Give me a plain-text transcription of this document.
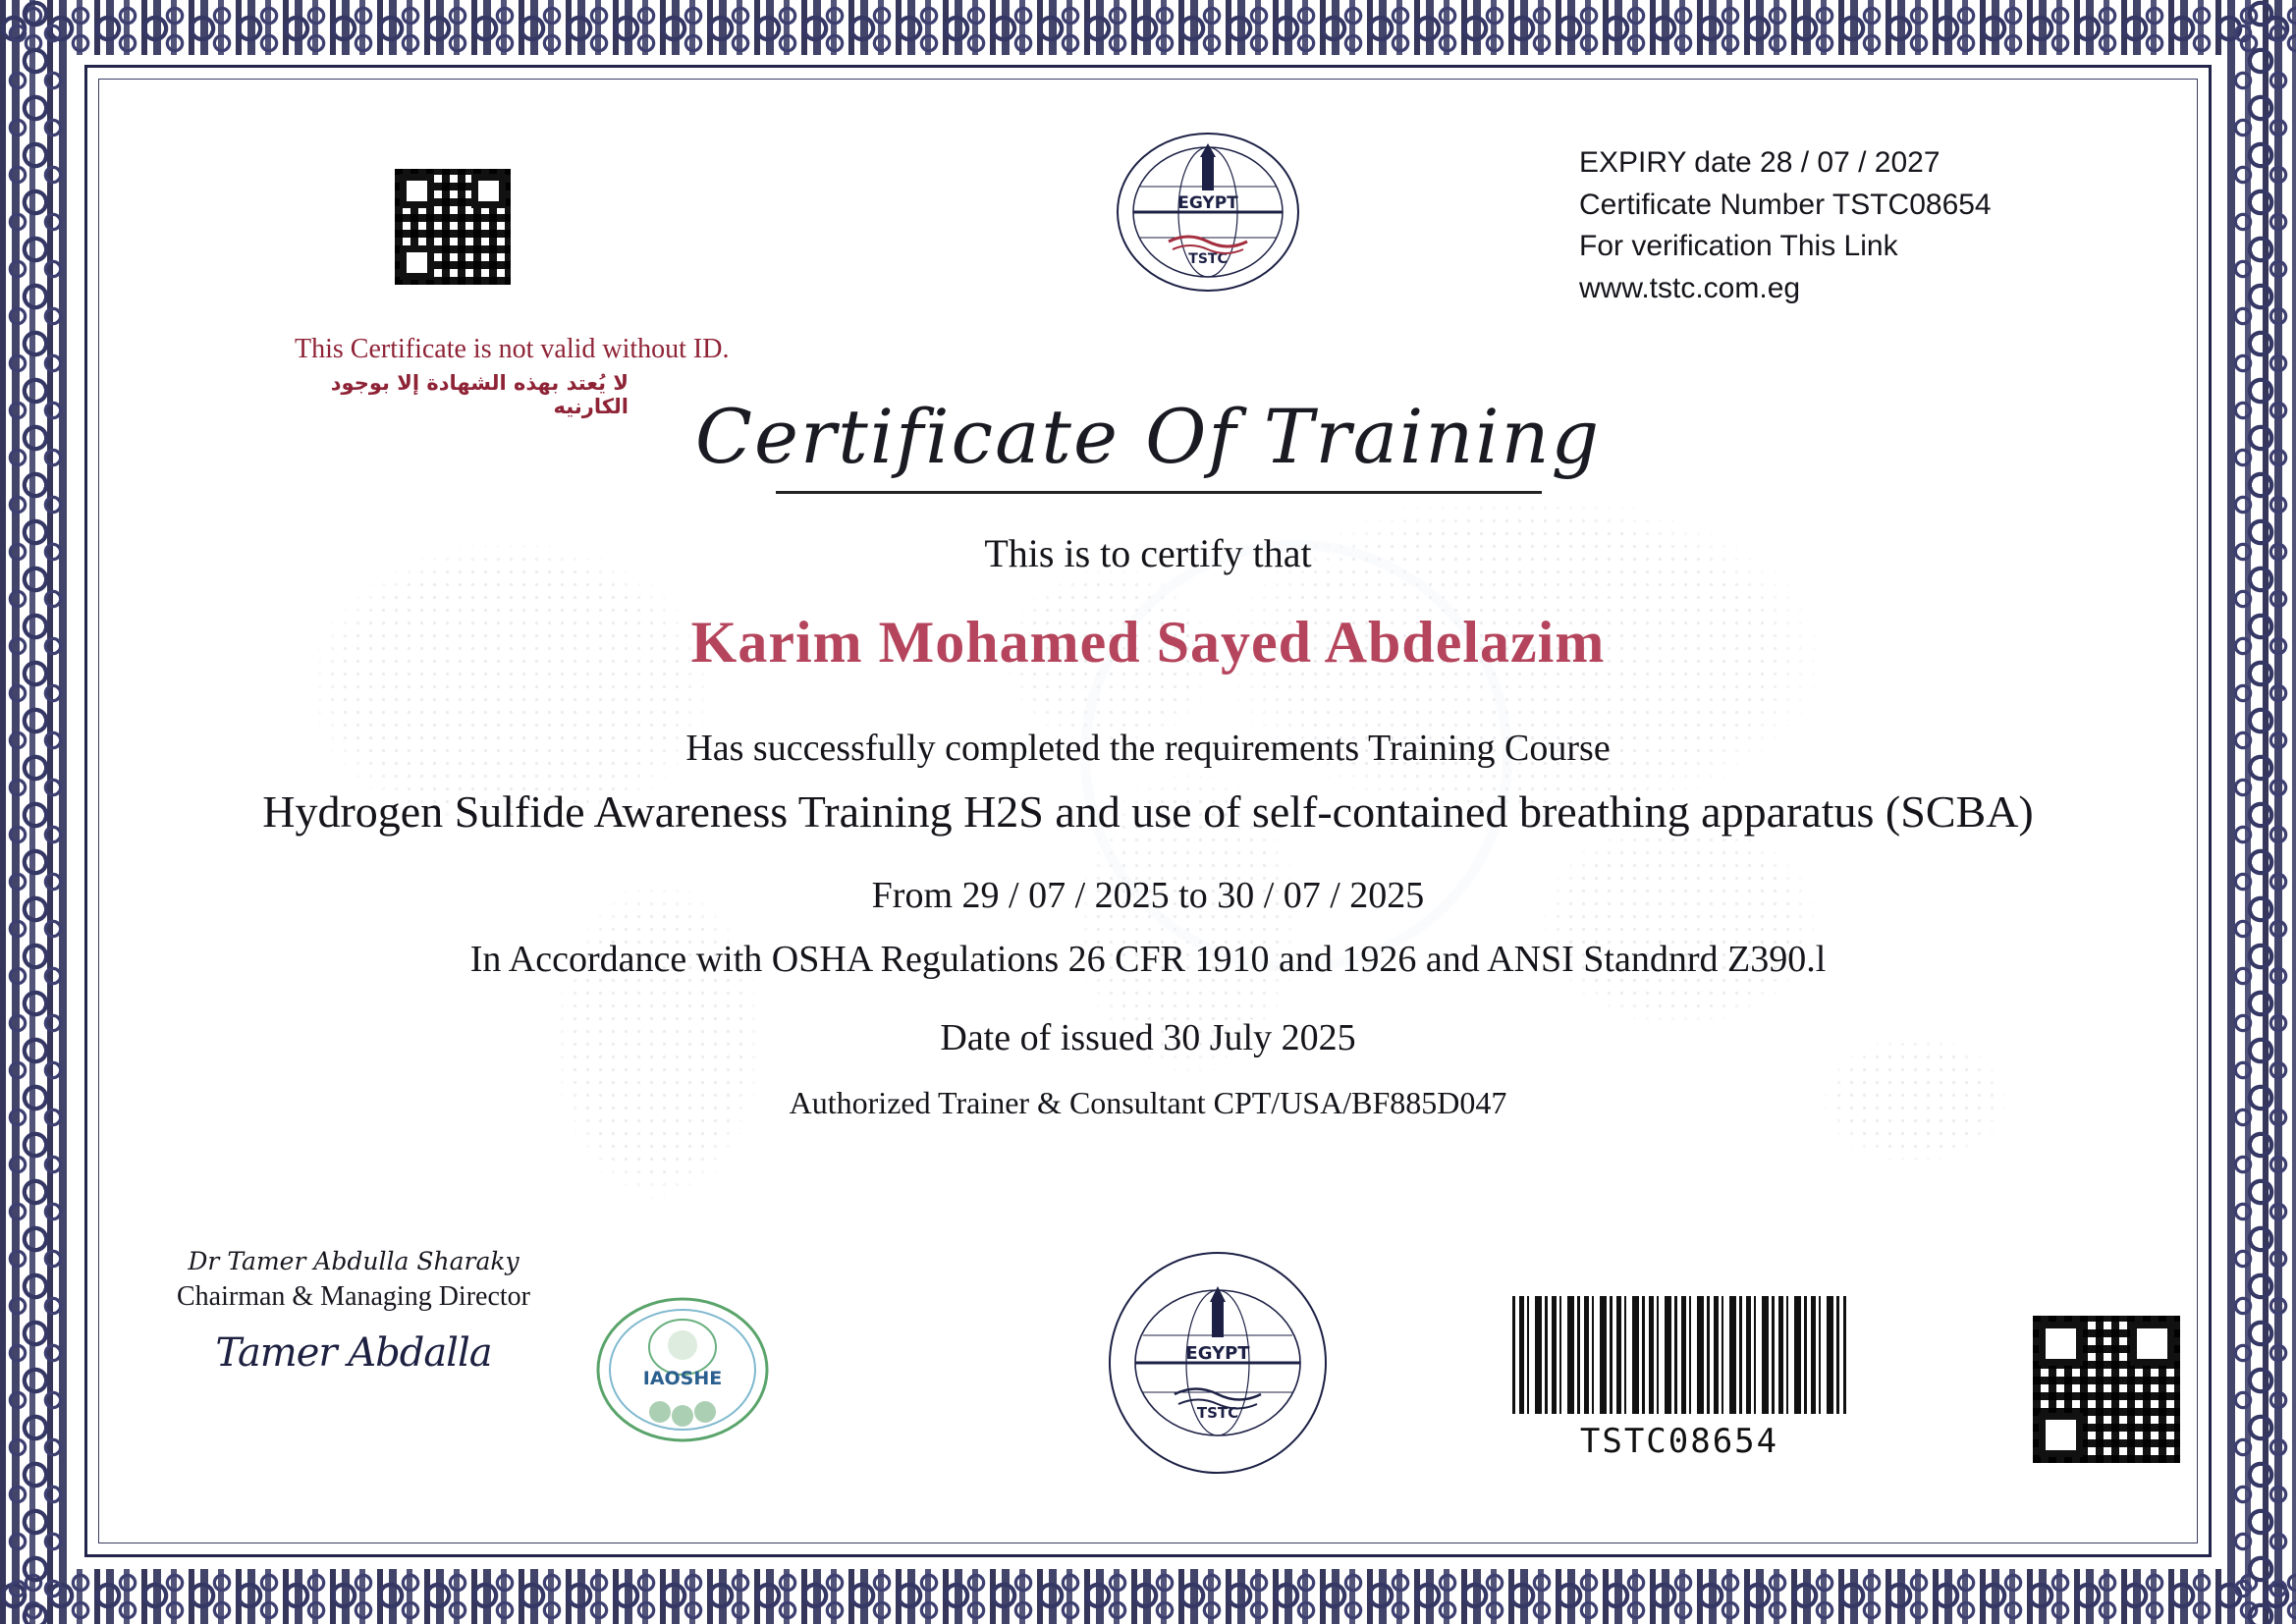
This Certificate is not valid without ID.
لا يُعتد بهذه الشهادة إلا بوجود الكارنيه
EXPIRY date 28 / 07 / 2027
Certificate Number TSTC08654
For verification This Link
www.tstc.com.eg
EGYPT
TSTC
Certificate Of Training
This is to certify that
Karim Mohamed Sayed Abdelazim
Has successfully completed the requirements Training Course
Hydrogen Sulfide Awareness Training H2S and use of self-contained breathing apparatus (SCBA)
From 29 / 07 / 2025 to 30 / 07 / 2025
In Accordance with OSHA Regulations 26 CFR 1910 and 1926 and ANSI Standnrd Z390.l
Date of issued 30 July 2025
Authorized Trainer & Consultant CPT/USA/BF885D047
Dr Tamer Abdulla Sharaky
Chairman & Managing Director
Tamer Abdalla
IAOSHE
EGYPT
TSTC
TSTC08654
